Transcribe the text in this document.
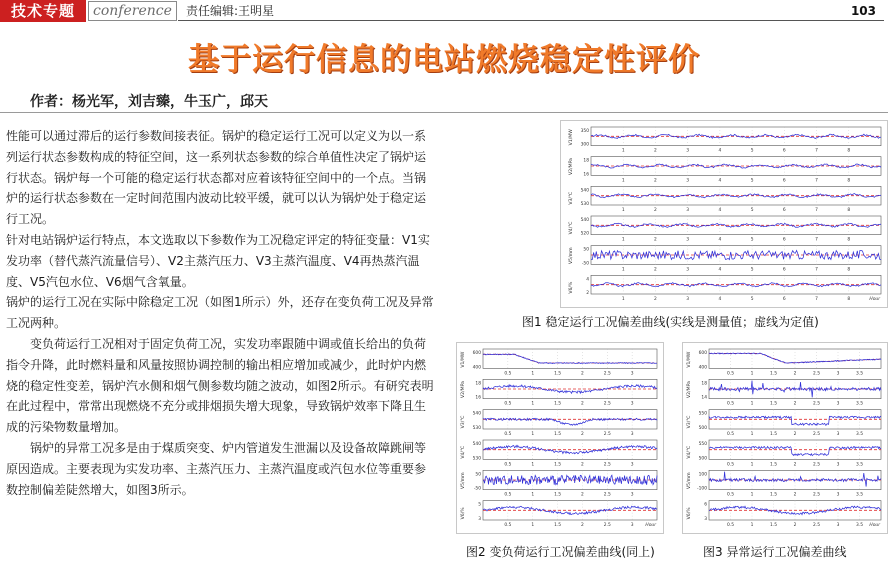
技术专题	conference	责任编辑:王明星	103
基于运行信息的电站燃烧稳定性评价
作者：杨光军，刘吉臻，牛玉广，邱天

性能可以通过滞后的运行参数间接表征。锅炉的稳定运行工况可以定义为以一系列运行状态参数构成的特征空间，这一系列状态参数的综合单值性决定了锅炉运行状态。锅炉每一个可能的稳定运行状态都对应着该特征空间中的一个点。当锅炉的运行状态参数在一定时间范围内波动比较平缓，就可以认为锅炉处于稳定运行工况。

针对电站锅炉运行特点，本文选取以下参数作为工况稳定评定的特征变量：V1实发功率（替代蒸汽流量信号）、V2主蒸汽压力、V3主蒸汽温度、V4再热蒸汽温度、V5汽包水位、V6烟气含氧量。

锅炉的运行工况在实际中除稳定工况（如图1所示）外，还存在变负荷工况及异常工况两种。

变负荷运行工况相对于固定负荷工况，实发功率跟随中调或值长给出的负荷指令升降，此时燃料量和风量按照协调控制的输出相应增加或减少，此时炉内燃烧的稳定性变差，锅炉汽水侧和烟气侧参数均随之波动，如图2所示。有研究表明在此过程中，常常出现燃烧不充分或排烟损失增大现象，导致锅炉效率下降且生成的污染物数量增加。

锅炉的异常工况多是由于煤质突变、炉内管道发生泄漏以及设备故障跳闸等原因造成。主要表现为实发功率、主蒸汽压力、主蒸汽温度或汽包水位等重要参数控制偏差陡然增大，如图3所示。

V1/MW 350
300
1	2	3	4	5	6	7	8
V2/MPa 18
16
1	2	3	4	5	6	7	8
V3/℃
540
530
1	2	3	4	5	6	7	8
V4/℃
540
520
1	2	3	4	5	6	7	8
V5/mm 50
-50
1	2	3	4	5	6	7	8
V6/%
4
2
1	2	3	4	5	6	7	8	Hour
图1 稳定运行工况偏差曲线(实线是测量值；虚线为定值)
V1/MW 600
400
0.5	1	1.5	2	2.5	3
V2/MPa 18
16
0.5	1	1.5	2	2.5	3
V3/℃
540
530
0.5	1	1.5	2	2.5	3
V4/℃
540
530
0.5	1	1.5	2	2.5	3
V5/mm 50
-50
0.5	1	1.5	2	2.5	3
V6/%
5
3
0.5	1	1.5	2	2.5	3	Hour
图2 变负荷运行工况偏差曲线(同上)
V1/MW 600
400
0.5	1	1.5	2	2.5	3	3.5
V2/MPa 18
14
0.5	1	1.5	2	2.5	3	3.5
V3/℃
550
500
0.5	1	1.5	2	2.5	3	3.5
V4/℃
550
500
0.5	1	1.5	2	2.5	3	3.5
V5/mm 100
-100
0.5	1	1.5	2	2.5	3	3.5
V6/%
6
3
0.5	1	1.5	2	2.5	3	3.5 Hour
图3 异常运行工况偏差曲线
